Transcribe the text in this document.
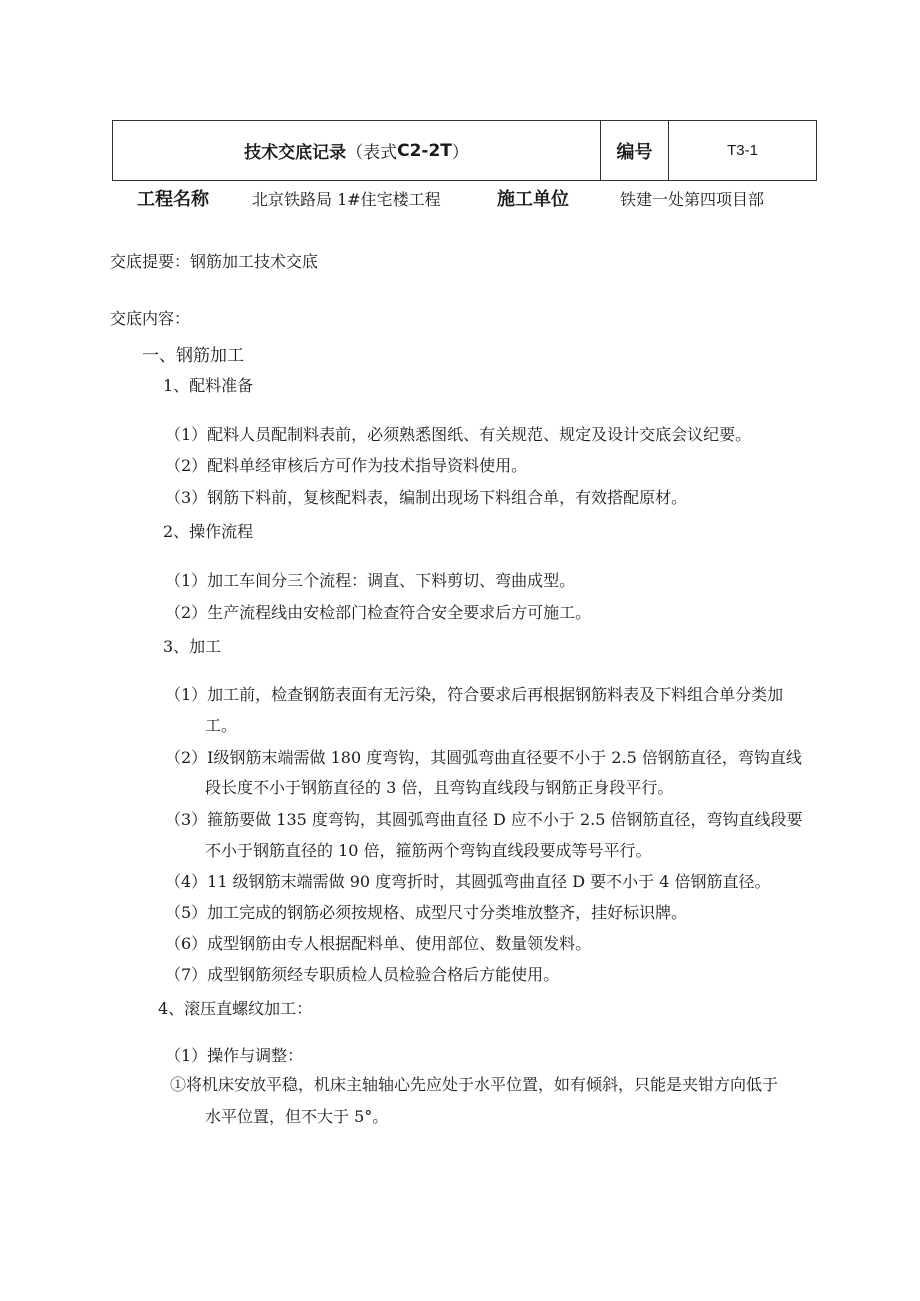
技术交底记录 （表式 C2-2T ）	编号	T3-1
工程名称	北京铁路局 1#住宅楼工程	施工单位	铁建一处第四项目部
交底提要：钢筋加工技术交底
交底内容：
一、钢筋加工
1、配料准备
（1）配料人员配制料表前，必须熟悉图纸、有关规范、规定及设计交底会议纪要。
（2）配料单经审核后方可作为技术指导资料使用。
（3）钢筋下料前，复核配料表，编制出现场下料组合单，有效搭配原材。
2、操作流程
（1）加工车间分三个流程：调直、下料剪切、弯曲成型。
（2）生产流程线由安检部门检查符合安全要求后方可施工。
3、加工
（1）加工前，检查钢筋表面有无污染，符合要求后再根据钢筋料表及下料组合单分类加
工。
（2）I级钢筋末端需做 180 度弯钩，其圆弧弯曲直径要不小于 2.5 倍钢筋直径，弯钩直线
段长度不小于钢筋直径的 3 倍，且弯钩直线段与钢筋正身段平行。
（3）箍筋要做 135 度弯钩，其圆弧弯曲直径 D 应不小于 2.5 倍钢筋直径，弯钩直线段要
不小于钢筋直径的 10 倍，箍筋两个弯钩直线段要成等号平行。
（4）11 级钢筋末端需做 90 度弯折时，其圆弧弯曲直径 D 要不小于 4 倍钢筋直径。
（5）加工完成的钢筋必须按规格、成型尺寸分类堆放整齐，挂好标识牌。
（6）成型钢筋由专人根据配料单、使用部位、数量领发料。
（7）成型钢筋须经专职质检人员检验合格后方能使用。
4、滚压直螺纹加工：
（1）操作与调整：
①将机床安放平稳，机床主轴轴心先应处于水平位置，如有倾斜，只能是夹钳方向低于
水平位置，但不大于 5°。
